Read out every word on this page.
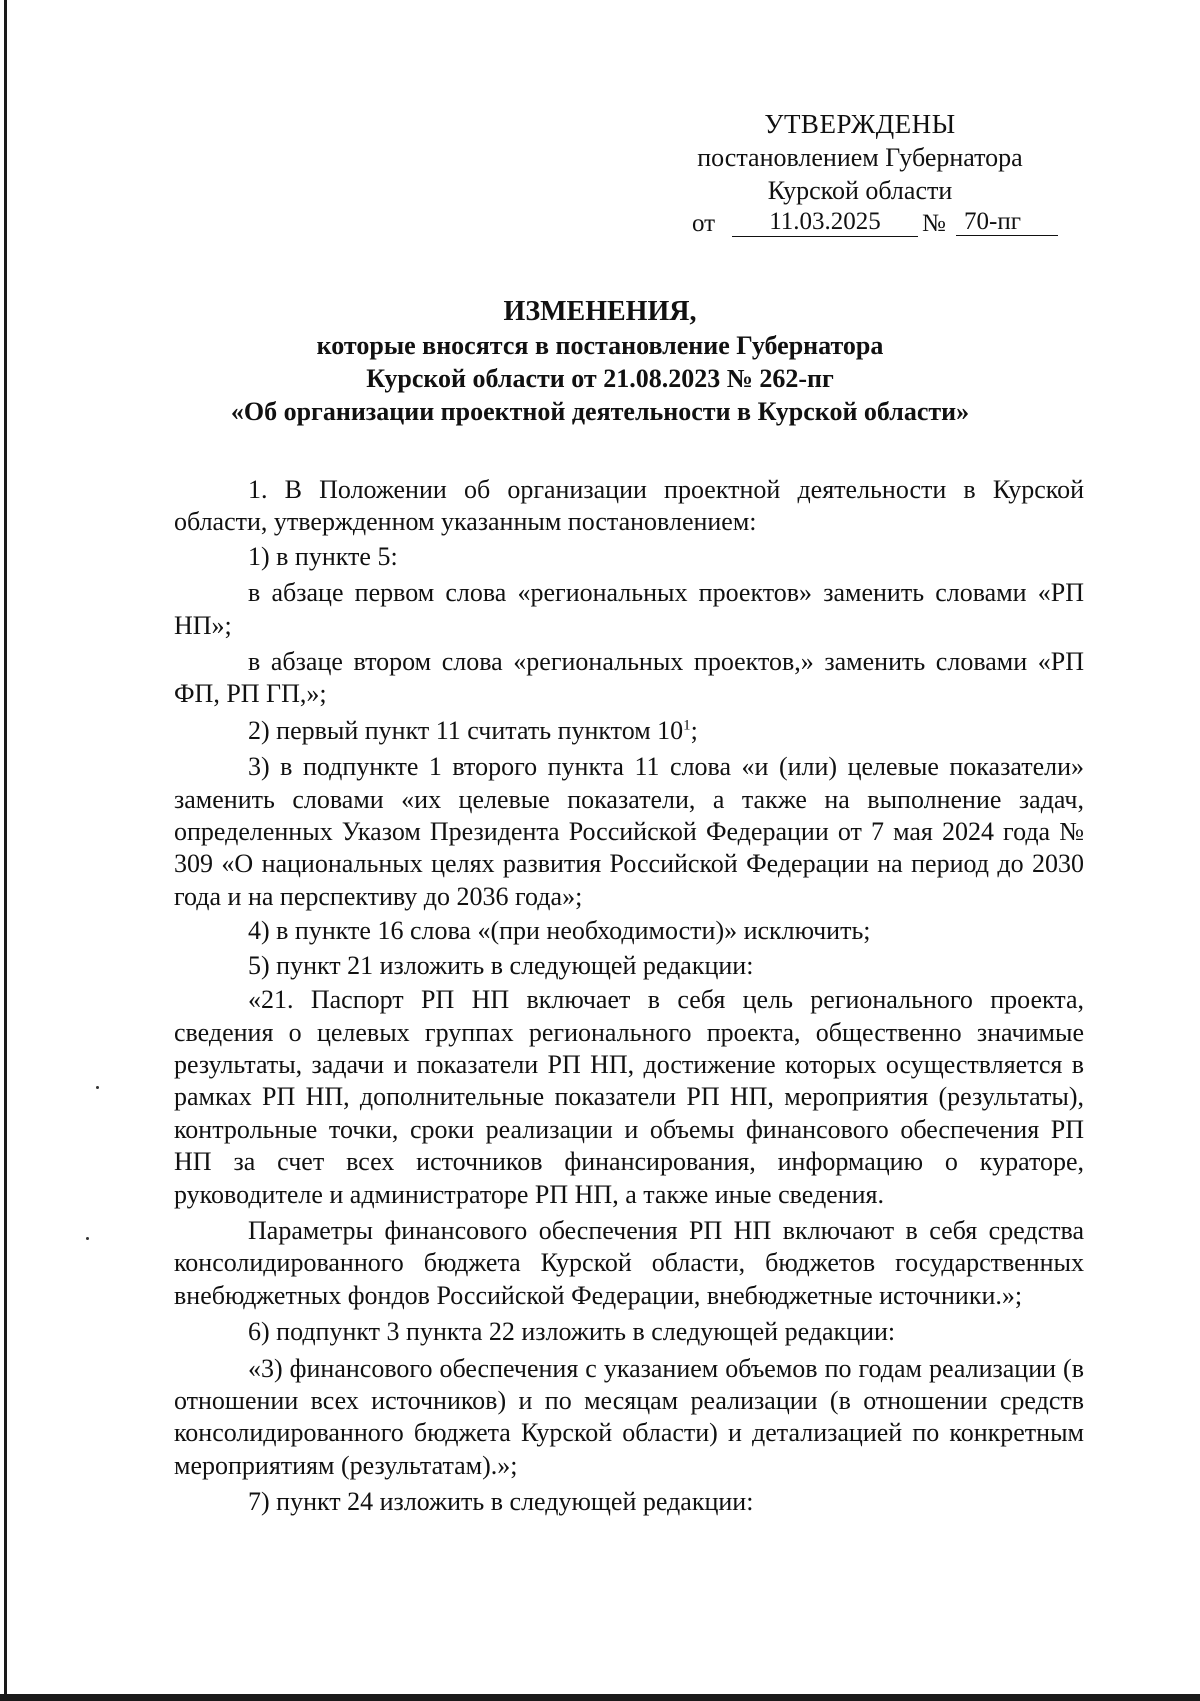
УТВЕРЖДЕНЫ
постановлением Губернатора
Курской области
от	11.03.2025	№ 70-пг
ИЗМЕНЕНИЯ,
которые вносятся в постановление Губернатора
Курской области от 21.08.2023 № 262-пг
«Об организации проектной деятельности в Курской области»

1. В Положении об организации проектной деятельности в Курской области, утвержденном указанным постановлением:

1) в пункте 5:

в абзаце первом слова «региональных проектов» заменить словами «РП НП»;

в абзаце втором слова «региональных проектов,» заменить словами «РП ФП, РП ГП,»;

2) первый пункт 11 считать пунктом $10^1$;

3) в подпункте 1 второго пункта 11 слова «и (или) целевые показатели» заменить словами «их целевые показатели, а также на выполнение задач, определенных Указом Президента Российской Федерации от 7 мая 2024 года № 309 «О национальных целях развития Российской Федерации на период до 2030 года и на перспективу до 2036 года»;

4) в пункте 16 слова «(при необходимости)» исключить;

5) пункт 21 изложить в следующей редакции:

«21. Паспорт РП НП включает в себя цель регионального проекта, сведения о целевых группах регионального проекта, общественно значимые результаты, задачи и показатели РП НП, достижение которых осуществляется в рамках РП НП, дополнительные показатели РП НП, мероприятия (результаты), контрольные точки, сроки реализации и объемы финансового обеспечения РП НП за счет всех источников финансирования, информацию о кураторе, руководителе и администраторе РП НП, а также иные сведения.

Параметры финансового обеспечения РП НП включают в себя средства консолидированного бюджета Курской области, бюджетов государственных внебюджетных фондов Российской Федерации, внебюджетные источники.»;

6) подпункт 3 пункта 22 изложить в следующей редакции:

«3) финансового обеспечения с указанием объемов по годам реализации (в отношении всех источников) и по месяцам реализации (в отношении средств консолидированного бюджета Курской области) и детализацией по конкретным мероприятиям (результатам).»;

7) пункт 24 изложить в следующей редакции:
